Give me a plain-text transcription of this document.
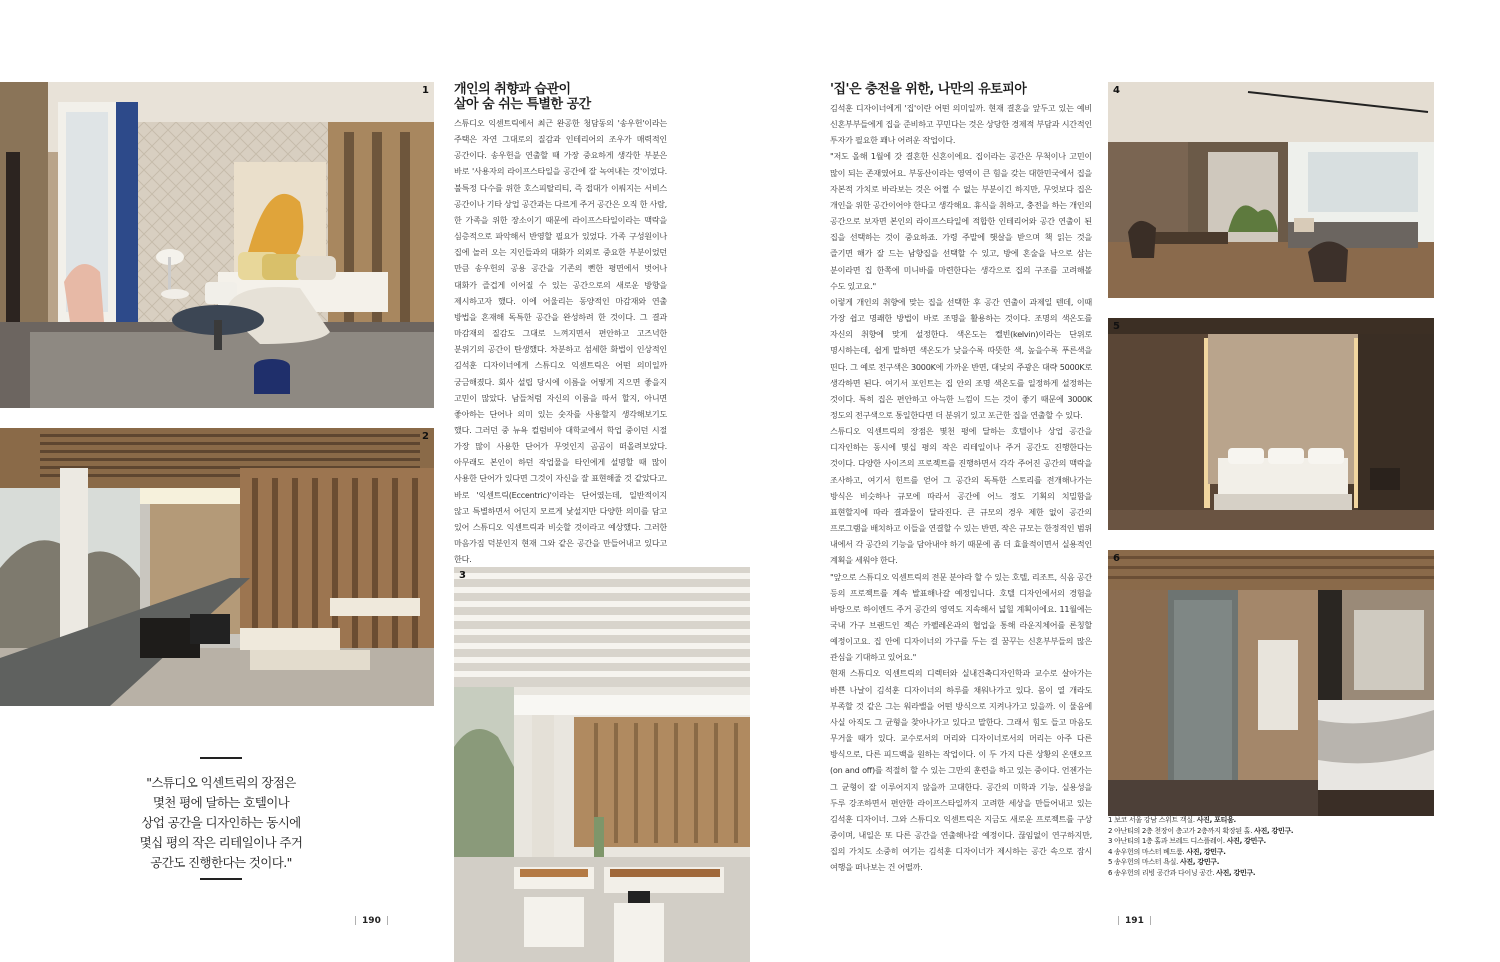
1
2
개인의 취향과 습관이
살아 숨 쉬는 특별한 공간

스튜디오 익센트릭에서 최근 완공한 청담동의 '송우헌'이라는 주택은 자연 그대로의 질감과 인테리어의 조우가 매력적인 공간이다. 송우헌을 연출할 때 가장 중요하게 생각한 부분은 바로 '사용자의 라이프스타일을 공간에 잘 녹여내는 것'이었다. 불특정 다수를 위한 호스피탈리티, 즉 접대가 이뤄지는 서비스 공간이나 기타 상업 공간과는 다르게 주거 공간은 오직 한 사람, 한 가족을 위한 장소이기 때문에 라이프스타일이라는 맥락을 심층적으로 파악해서 반영할 필요가 있었다. 가족 구성원이나 집에 놀러 오는 지인들과의 대화가 의외로 중요한 부분이었던 만큼 송우헌의 공용 공간을 기존의 뻔한 평면에서 벗어나 대화가 즐겁게 이어질 수 있는 공간으로의 새로운 방향을 제시하고자 했다. 이에 어울리는 동양적인 마감재와 연출 방법을 혼재해 독특한 공간을 완성하려 한 것이다. 그 결과 마감재의 질감도 그대로 느껴지면서 편안하고 고즈넉한 분위기의 공간이 탄생했다. 차분하고 섬세한 화법이 인상적인 김석훈 디자이너에게 스튜디오 익센트릭은 어떤 의미일까 궁금해졌다. 회사 설립 당시에 이름을 어떻게 지으면 좋을지 고민이 많았다. 남들처럼 자신의 이름을 따서 할지, 아니면 좋아하는 단어나 의미 있는 숫자를 사용할지 생각해보기도 했다. 그러던 중 뉴욕 컬럼비아 대학교에서 학업 중이던 시절 가장 많이 사용한 단어가 무엇인지 곰곰이 떠올려보았다. 아무래도 본인이 하던 작업물을 타인에게 설명할 때 많이 사용한 단어가 있다면 그것이 자신을 잘 표현해줄 것 같았다고. 바로 '익센트릭(Eccentric)'이라는 단어였는데, 일반적이지 않고 특별하면서 어딘지 모르게 낯설지만 다양한 의미를 담고 있어 스튜디오 익센트릭과 비슷할 것이라고 예상했다. 그러한 마음가짐 덕분인지 현재 그와 같은 공간을 만들어내고 있다고 한다.

3
"스튜디오 익센트릭의 장점은
몇천 평에 달하는 호텔이나
상업 공간을 디자인하는 동시에
몇십 평의 작은 리테일이나 주거
공간도 진행한다는 것이다."
| 190 |
'집'은 충전을 위한, 나만의 유토피아

김석훈 디자이너에게 '집'이란 어떤 의미일까. 현재 결혼을 앞두고 있는 예비 신혼부부들에게 집을 준비하고 꾸민다는 것은 상당한 경제적 부담과 시간적인 투자가 필요한 꽤나 어려운 작업이다.

"저도 올해 1월에 갓 결혼한 신혼이에요. 집이라는 공간은 무척이나 고민이 많이 되는 존재였어요. 부동산이라는 영역이 큰 힘을 갖는 대한민국에서 집을 자본적 가치로 바라보는 것은 어쩔 수 없는 부분이긴 하지만, 무엇보다 집은 개인을 위한 공간이어야 한다고 생각해요. 휴식을 취하고, 충전을 하는 개인의 공간으로 보자면 본인의 라이프스타일에 적합한 인테리어와 공간 연출이 된 집을 선택하는 것이 중요하죠. 가령 주말에 햇살을 받으며 책 읽는 것을 즐기면 해가 잘 드는 남향집을 선택할 수 있고, 방에 혼술을 낙으로 삼는 분이라면 집 한쪽에 미니바를 마련한다는 생각으로 집의 구조를 고려해볼 수도 있고요."

이렇게 개인의 취향에 맞는 집을 선택한 후 공간 연출이 과제일 텐데, 이때 가장 쉽고 명쾌한 방법이 바로 조명을 활용하는 것이다. 조명의 색온도를 자신의 취향에 맞게 설정한다. 색온도는 켈빈(kelvin)이라는 단위로 명시하는데, 쉽게 말하면 색온도가 낮을수록 따뜻한 색, 높을수록 푸른색을 띤다. 그 예로 전구색은 3000K에 가까운 반면, 대낮의 주광은 대략 5000K로 생각하면 된다. 여기서 포인트는 집 안의 조명 색온도를 일정하게 설정하는 것이다. 특히 집은 편안하고 아늑한 느낌이 드는 것이 좋기 때문에 3000K 정도의 전구색으로 통일한다면 더 분위기 있고 포근한 집을 연출할 수 있다.

스튜디오 익센트릭의 장점은 몇천 평에 달하는 호텔이나 상업 공간을 디자인하는 동시에 몇십 평의 작은 리테일이나 주거 공간도 진행한다는 것이다. 다양한 사이즈의 프로젝트를 진행하면서 각각 주어진 공간의 맥락을 조사하고, 여기서 힌트를 얻어 그 공간의 독특한 스토리를 전개해나가는 방식은 비슷하나 규모에 따라서 공간에 어느 정도 기획의 치밀함을 표현할지에 따라 결과물이 달라진다. 큰 규모의 경우 제한 없이 공간의 프로그램을 배치하고 이들을 연결할 수 있는 반면, 작은 규모는 한정적인 범위 내에서 각 공간의 기능을 담아내야 하기 때문에 좀 더 효율적이면서 실용적인 계획을 세워야 한다.

"앞으로 스튜디오 익센트릭의 전문 분야라 할 수 있는 호텔, 리조트, 식음 공간 등의 프로젝트를 계속 발표해나갈 예정입니다. 호텔 디자인에서의 경험을 바탕으로 하이엔드 주거 공간의 영역도 지속해서 넓힐 계획이에요. 11월에는 국내 가구 브랜드인 젝슨 카펠레온과의 협업을 통해 라운지체어를 론칭할 예정이고요. 집 안에 디자이너의 가구를 두는 걸 꿈꾸는 신혼부부들의 많은 관심을 기대하고 있어요."

현재 스튜디오 익센트릭의 디렉터와 실내건축디자인학과 교수로 살아가는 바쁜 나날이 김석훈 디자이너의 하루를 채워나가고 있다. 몸이 열 개라도 부족할 것 같은 그는 워라밸을 어떤 방식으로 지켜나가고 있을까. 이 물음에 사실 아직도 그 균형을 찾아나가고 있다고 말한다. 그래서 힘도 들고 마음도 무거울 때가 있다. 교수로서의 머리와 디자이너로서의 머리는 아주 다른 방식으로, 다른 피드백을 원하는 작업이다. 이 두 가지 다른 상황의 온앤오프(on and off)를 적절히 할 수 있는 그만의 훈련을 하고 있는 중이다. 언젠가는 그 균형이 잘 이루어지지 않을까 고대한다. 공간의 미학과 기능, 실용성을 두루 강조하면서 편안한 라이프스타일까지 고려한 세상을 만들어내고 있는 김석훈 디자이너. 그와 스튜디오 익센트릭은 지금도 새로운 프로젝트를 구상 중이며, 내일은 또 다른 공간을 연출해나갈 예정이다. 끊임없이 연구하지만, 집의 가치도 소중히 여기는 김석훈 디자이너가 제시하는 공간 속으로 잠시 여행을 떠나보는 건 어떨까.

4
5
6
1 보코 서울 강남 스위트 객실. 사진, 포티움.
2 아난티의 2층 천장이 층고가 2층까지 확장된 홀. 사진, 강민구.
3 아난티의 1층 홀과 브레드 디스플레이. 사진, 강민구.
4 송우헌의 마스터 베드룸. 사진, 강민구.
5 송우헌의 마스터 욕실. 사진, 강민구.
6 송우헌의 리빙 공간과 다이닝 공간. 사진, 강민구.
| 191 |
